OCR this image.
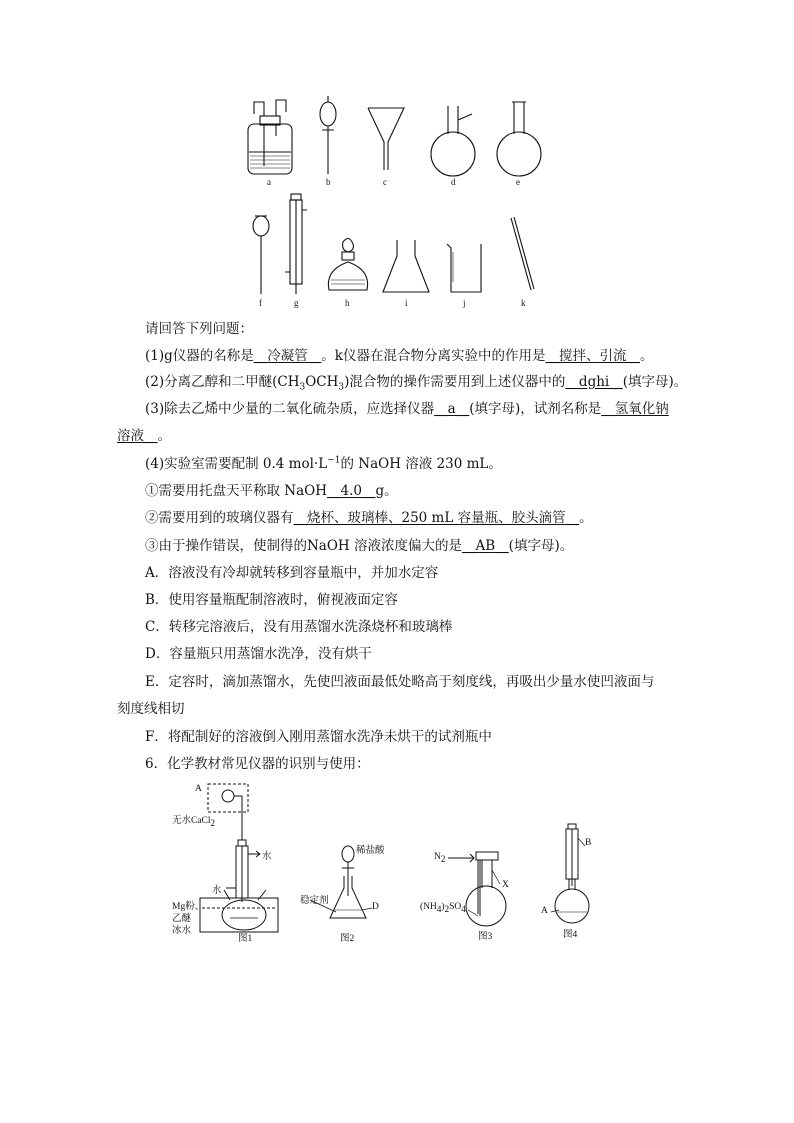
a	b	c	d	e
f	g	h	i	j	k
请回答下列问题：
(1)g仪器的名称是__冷凝管__。k仪器在混合物分离实验中的作用是__搅拌、引流__。
(2)分离乙醇和二甲醚$(CH_3OCH_3)$混合物的操作需要用到上述仪器中的__dghi__(填字母)。
(3)除去乙烯中少量的二氧化硫杂质，应选择仪器__a__(填字母)，试剂名称是__氢氧化钠
溶液__。
(4)实验室需要配制 0.4 $mol\cdot L^{-1}$的 NaOH 溶液 230 mL。
①需要用托盘天平称取 NaOH__4.0__g。
②需要用到的玻璃仪器有__烧杯、玻璃棒、250 mL 容量瓶、胶头滴管__。
③由于操作错误，使制得的NaOH 溶液浓度偏大的是__AB__(填字母)。
A．溶液没有冷却就转移到容量瓶中，并加水定容
B．使用容量瓶配制溶液时，俯视液面定容
C．转移完溶液后，没有用蒸馏水洗涤烧杯和玻璃棒
D．容量瓶只用蒸馏水洗净，没有烘干
E．定容时，滴加蒸馏水，先使凹液面最低处略高于刻度线，再吸出少量水使凹液面与
刻度线相切
F．将配制好的溶液倒入刚用蒸馏水洗净未烘干的试剂瓶中
6．化学教材常见仪器的识别与使用：
A
无水CaCl$_2$
水
水
Mg粉、
乙醚
冰水
图1
稀盐酸
稳定剂
D
图2
$N_2$
X
$(NH_4)_2SO_4$
图3
B
A
图4
